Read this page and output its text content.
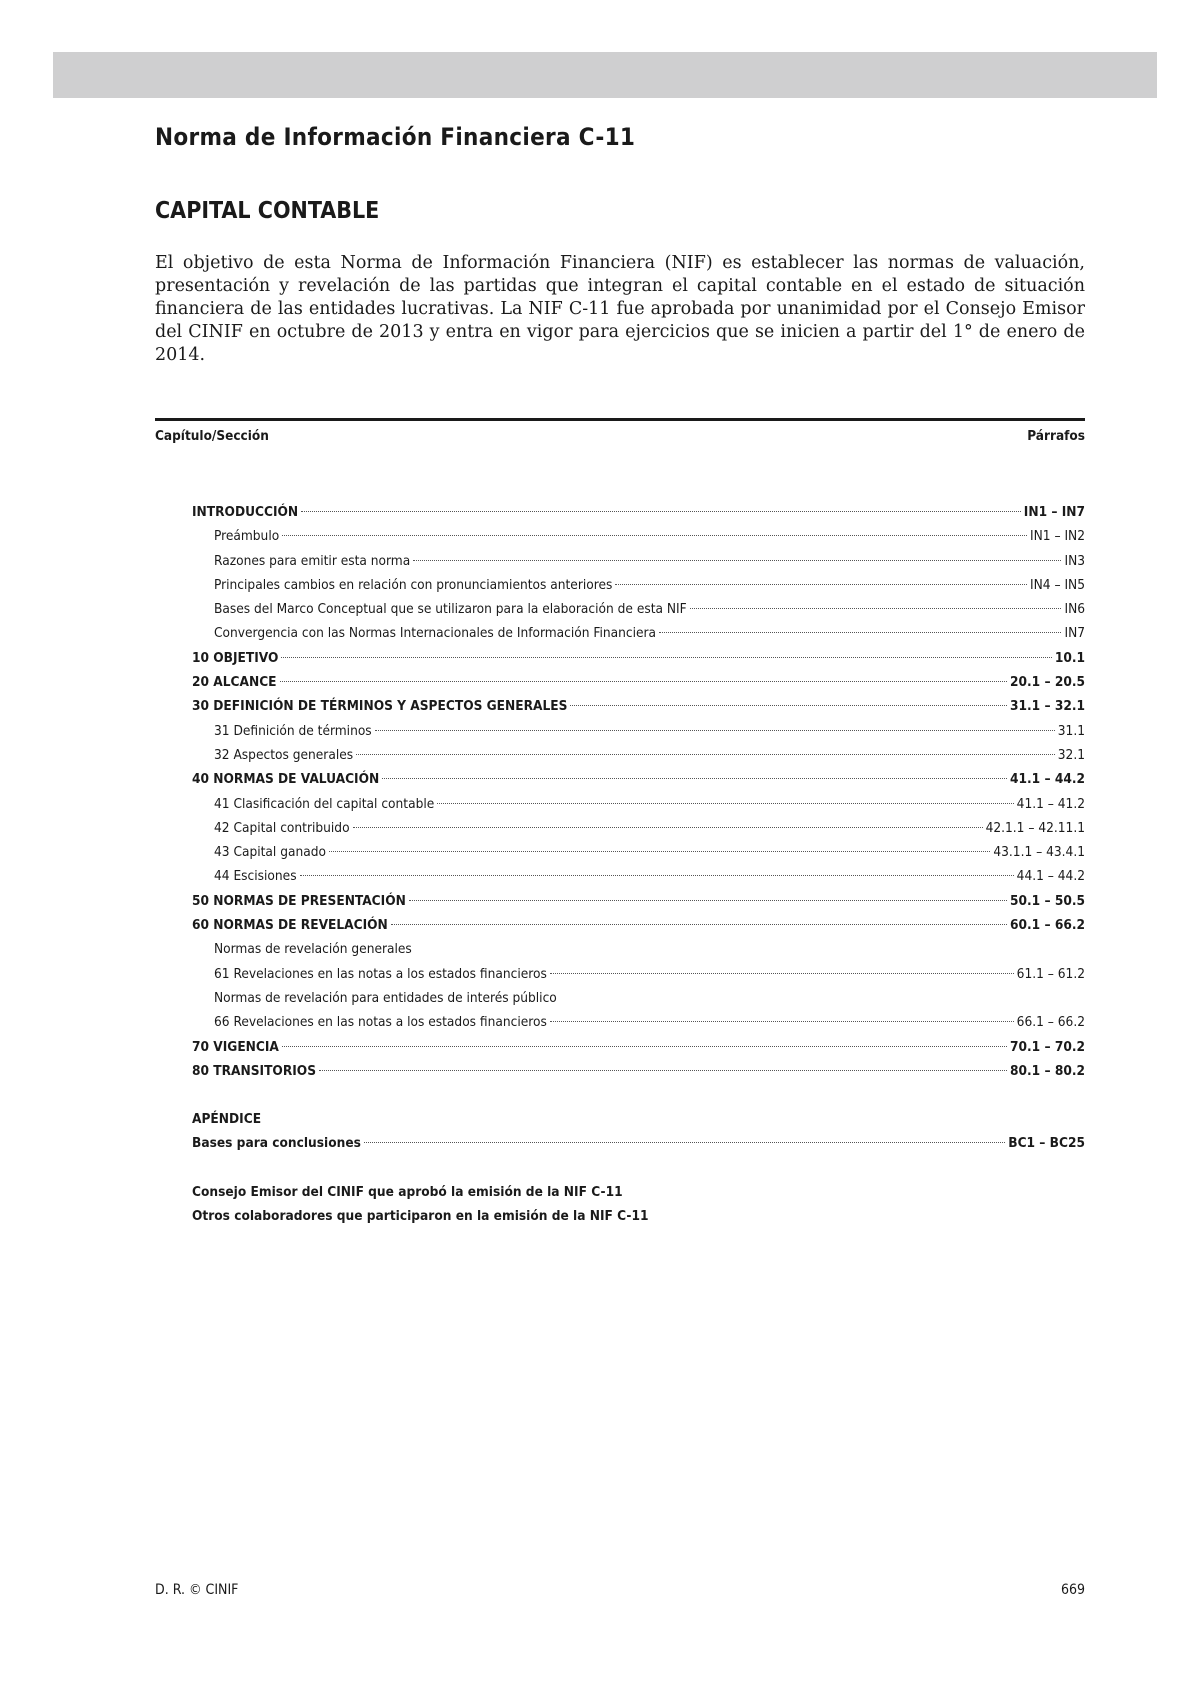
Norma de Información Financiera C-11
CAPITAL CONTABLE

El objetivo de esta Norma de Información Financiera (NIF) es establecer las normas de valuación, presentación y revelación de las partidas que integran el capital contable en el estado de situación financiera de las entidades lucrativas. La NIF C-11 fue aprobada por unanimidad por el Consejo Emisor del CINIF en octubre de 2013 y entra en vigor para ejercicios que se inicien a partir del 1° de enero de 2014.

Capítulo/Sección	Párrafos
INTRODUCCIÓN	IN1 – IN7
Preámbulo	IN1 – IN2
Razones para emitir esta norma	IN3
Principales cambios en relación con pronunciamientos anteriores	IN4 – IN5
Bases del Marco Conceptual que se utilizaron para la elaboración de esta NIF	IN6
Convergencia con las Normas Internacionales de Información Financiera	IN7
10 OBJETIVO	10.1
20 ALCANCE	20.1 – 20.5
30 DEFINICIÓN DE TÉRMINOS Y ASPECTOS GENERALES	31.1 – 32.1
31 Definición de términos	31.1
32 Aspectos generales	32.1
40 NORMAS DE VALUACIÓN	41.1 – 44.2
41 Clasificación del capital contable	41.1 – 41.2
42 Capital contribuido	42.1.1 – 42.11.1
43 Capital ganado	43.1.1 – 43.4.1
44 Escisiones	44.1 – 44.2
50 NORMAS DE PRESENTACIÓN	50.1 – 50.5
60 NORMAS DE REVELACIÓN	60.1 – 66.2
Normas de revelación generales
61 Revelaciones en las notas a los estados financieros	61.1 – 61.2
Normas de revelación para entidades de interés público
66 Revelaciones en las notas a los estados financieros	66.1 – 66.2
70 VIGENCIA	70.1 – 70.2
80 TRANSITORIOS	80.1 – 80.2
APÉNDICE
Bases para conclusiones	BC1 – BC25
Consejo Emisor del CINIF que aprobó la emisión de la NIF C-11
Otros colaboradores que participaron en la emisión de la NIF C-11
D. R. © CINIF	669
